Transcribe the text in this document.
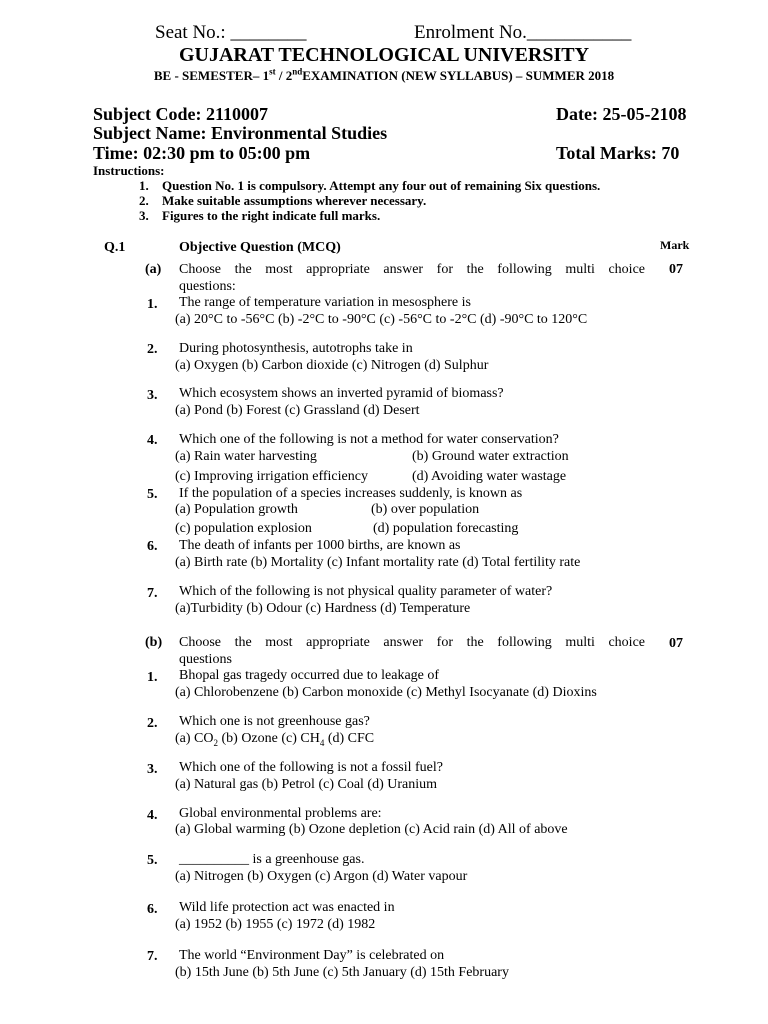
Seat No.: ________	Enrolment No.___________
GUJARAT TECHNOLOGICAL UNIVERSITY
BE - SEMESTER– 1st / 2ndEXAMINATION (NEW SYLLABUS) – SUMMER 2018
Subject Code: 2110007	Date: 25-05-2108
Subject Name: Environmental Studies
Time: 02:30 pm to 05:00 pm	Total Marks: 70
Instructions:
1. Question No. 1 is compulsory. Attempt any four out of remaining Six questions.
2. Make suitable assumptions wherever necessary.
3. Figures to the right indicate full marks.
Q.1	Objective Question (MCQ)	Mark
(a) Choose the most appropriate answer for the following multi choice
questions:
07
1. The range of temperature variation in mesosphere is
(a) 20°C to -56°C (b) -2°C to -90°C (c) -56°C to -2°C (d) -90°C to 120°C
2. During photosynthesis, autotrophs take in
(a) Oxygen (b) Carbon dioxide (c) Nitrogen (d) Sulphur
3. Which ecosystem shows an inverted pyramid of biomass?
(a) Pond (b) Forest (c) Grassland (d) Desert
4. Which one of the following is not a method for water conservation?
(a) Rain water harvesting	(b) Ground water extraction
(c) Improving irrigation efficiency	(d) Avoiding water wastage
5. If the population of a species increases suddenly, is known as
(a) Population growth	(b) over population
(c) population explosion	(d) population forecasting
6. The death of infants per 1000 births, are known as
(a) Birth rate (b) Mortality (c) Infant mortality rate (d) Total fertility rate
7. Which of the following is not physical quality parameter of water?
(a)Turbidity (b) Odour (c) Hardness (d) Temperature
(b) Choose the most appropriate answer for the following multi choice
questions
07
1. Bhopal gas tragedy occurred due to leakage of
(a) Chlorobenzene (b) Carbon monoxide (c) Methyl Isocyanate (d) Dioxins
2. Which one is not greenhouse gas?
(a) $CO_2$ (b) Ozone (c) $CH_4$ (d) CFC
3. Which one of the following is not a fossil fuel?
(a) Natural gas (b) Petrol (c) Coal (d) Uranium
4. Global environmental problems are:
(a) Global warming (b) Ozone depletion (c) Acid rain (d) All of above
5. __________ is a greenhouse gas.
(a) Nitrogen (b) Oxygen (c) Argon (d) Water vapour
6. Wild life protection act was enacted in
(a) 1952 (b) 1955 (c) 1972 (d) 1982
7. The world “Environment Day” is celebrated on
(b) 15th June (b) 5th June (c) 5th January (d) 15th February
